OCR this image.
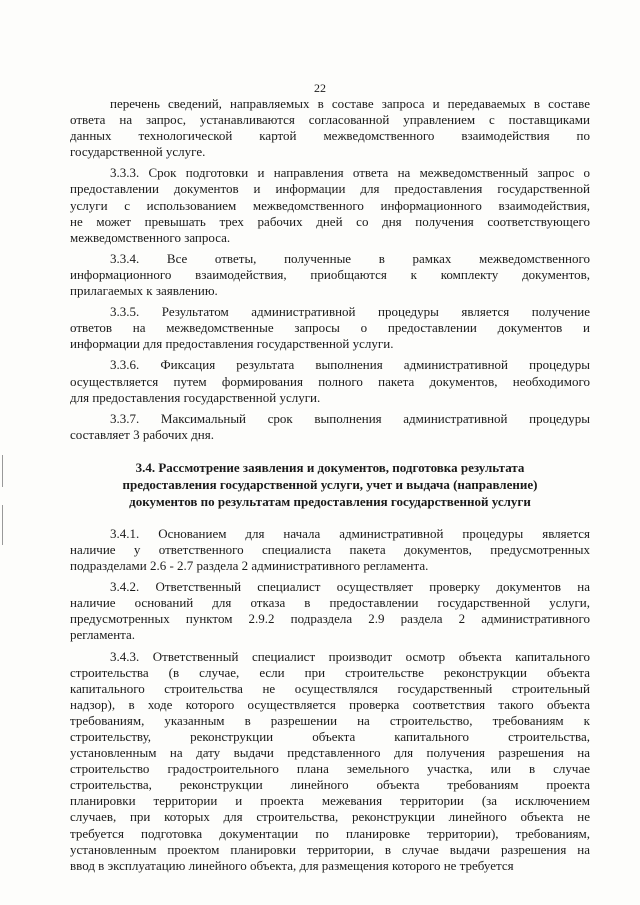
22
перечень сведений, направляемых в составе запроса и передаваемых в составе
ответа на запрос, устанавливаются согласованной управлением с поставщиками
данных технологической картой межведомственного взаимодействия по
государственной услуге.
3.3.3. Срок подготовки и направления ответа на межведомственный запрос о
предоставлении документов и информации для предоставления государственной
услуги с использованием межведомственного информационного взаимодействия,
не может превышать трех рабочих дней со дня получения соответствующего
межведомственного запроса.
3.3.4. Все ответы, полученные в рамках межведомственного
информационного взаимодействия, приобщаются к комплекту документов,
прилагаемых к заявлению.
3.3.5. Результатом административной процедуры является получение
ответов на межведомственные запросы о предоставлении документов и
информации для предоставления государственной услуги.
3.3.6. Фиксация результата выполнения административной процедуры
осуществляется путем формирования полного пакета документов, необходимого
для предоставления государственной услуги.
3.3.7. Максимальный срок выполнения административной процедуры
составляет 3 рабочих дня.
3.4. Рассмотрение заявления и документов, подготовка результата
предоставления государственной услуги, учет и выдача (направление)
документов по результатам предоставления государственной услуги
3.4.1. Основанием для начала административной процедуры является
наличие у ответственного специалиста пакета документов, предусмотренных
подразделами 2.6 - 2.7 раздела 2 административного регламента.
3.4.2. Ответственный специалист осуществляет проверку документов на
наличие оснований для отказа в предоставлении государственной услуги,
предусмотренных пунктом 2.9.2 подраздела 2.9 раздела 2 административного
регламента.
3.4.3. Ответственный специалист производит осмотр объекта капитального
строительства (в случае, если при строительстве реконструкции объекта
капитального строительства не осуществлялся государственный строительный
надзор), в ходе которого осуществляется проверка соответствия такого объекта
требованиям, указанным в разрешении на строительство, требованиям к
строительству, реконструкции объекта капитального строительства,
установленным на дату выдачи представленного для получения разрешения на
строительство градостроительного плана земельного участка, или в случае
строительства, реконструкции линейного объекта требованиям проекта
планировки территории и проекта межевания территории (за исключением
случаев, при которых для строительства, реконструкции линейного объекта не
требуется подготовка документации по планировке территории), требованиям,
установленным проектом планировки территории, в случае выдачи разрешения на
ввод в эксплуатацию линейного объекта, для размещения которого не требуется
